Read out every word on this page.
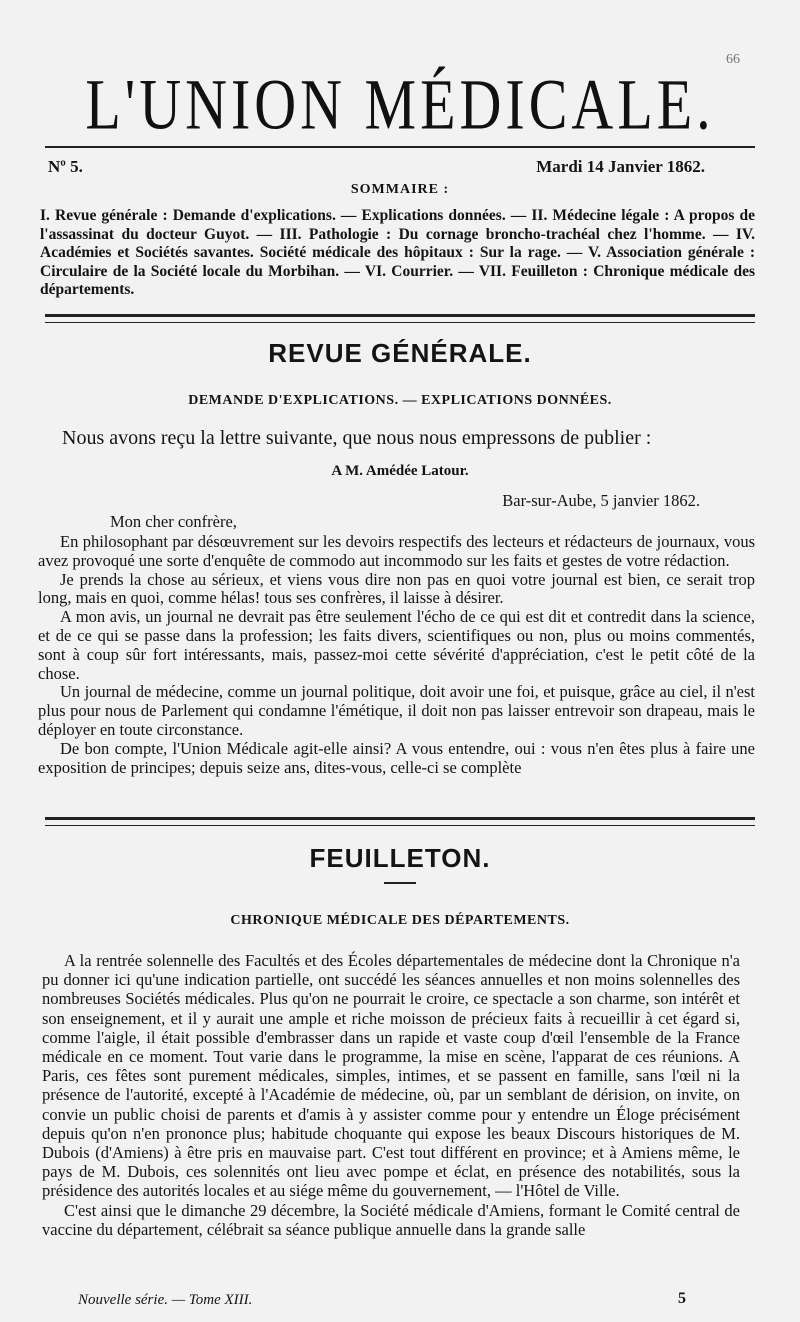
66
L'UNION MÉDICALE.
Nº 5.	Mardi 14 Janvier 1862.
SOMMAIRE :
I. Revue générale : Demande d'explications. — Explications données. — II. Médecine légale : A propos de l'assassinat du docteur Guyot. — III. Pathologie : Du cornage broncho-trachéal chez l'homme. — IV. Académies et Sociétés savantes. Société médicale des hôpitaux : Sur la rage. — V. Association générale : Circulaire de la Société locale du Morbihan. — VI. Courrier. — VII. Feuilleton : Chronique médicale des départements.
REVUE GÉNÉRALE.
DEMANDE D'EXPLICATIONS. — EXPLICATIONS DONNÉES.
Nous avons reçu la lettre suivante, que nous nous empressons de publier :
A M. Amédée Latour.
Bar-sur-Aube, 5 janvier 1862.
Mon cher confrère,

En philosophant par désœuvrement sur les devoirs respectifs des lecteurs et rédacteurs de journaux, vous avez provoqué une sorte d'enquête de commodo aut incommodo sur les faits et gestes de votre rédaction.

Je prends la chose au sérieux, et viens vous dire non pas en quoi votre journal est bien, ce serait trop long, mais en quoi, comme hélas! tous ses confrères, il laisse à désirer.

A mon avis, un journal ne devrait pas être seulement l'écho de ce qui est dit et contredit dans la science, et de ce qui se passe dans la profession; les faits divers, scientifiques ou non, plus ou moins commentés, sont à coup sûr fort intéressants, mais, passez-moi cette sévérité d'appréciation, c'est le petit côté de la chose.

Un journal de médecine, comme un journal politique, doit avoir une foi, et puisque, grâce au ciel, il n'est plus pour nous de Parlement qui condamne l'émétique, il doit non pas laisser entrevoir son drapeau, mais le déployer en toute circonstance.

De bon compte, l'Union Médicale agit-elle ainsi? A vous entendre, oui : vous n'en êtes plus à faire une exposition de principes; depuis seize ans, dites-vous, celle-ci se complète

FEUILLETON.
CHRONIQUE MÉDICALE DES DÉPARTEMENTS.

A la rentrée solennelle des Facultés et des Écoles départementales de médecine dont la Chronique n'a pu donner ici qu'une indication partielle, ont succédé les séances annuelles et non moins solennelles des nombreuses Sociétés médicales. Plus qu'on ne pourrait le croire, ce spectacle a son charme, son intérêt et son enseignement, et il y aurait une ample et riche moisson de précieux faits à recueillir à cet égard si, comme l'aigle, il était possible d'embrasser dans un rapide et vaste coup d'œil l'ensemble de la France médicale en ce moment. Tout varie dans le programme, la mise en scène, l'apparat de ces réunions. A Paris, ces fêtes sont purement médicales, simples, intimes, et se passent en famille, sans l'œil ni la présence de l'autorité, excepté à l'Académie de médecine, où, par un semblant de dérision, on invite, on convie un public choisi de parents et d'amis à y assister comme pour y entendre un Éloge précisément depuis qu'on n'en prononce plus; habitude choquante qui expose les beaux Discours historiques de M. Dubois (d'Amiens) à être pris en mauvaise part. C'est tout différent en province; et à Amiens même, le pays de M. Dubois, ces solennités ont lieu avec pompe et éclat, en présence des notabilités, sous la présidence des autorités locales et au siége même du gouvernement, — l'Hôtel de Ville.

C'est ainsi que le dimanche 29 décembre, la Société médicale d'Amiens, formant le Comité central de vaccine du département, célébrait sa séance publique annuelle dans la grande salle

Nouvelle série. — Tome XIII.	5
